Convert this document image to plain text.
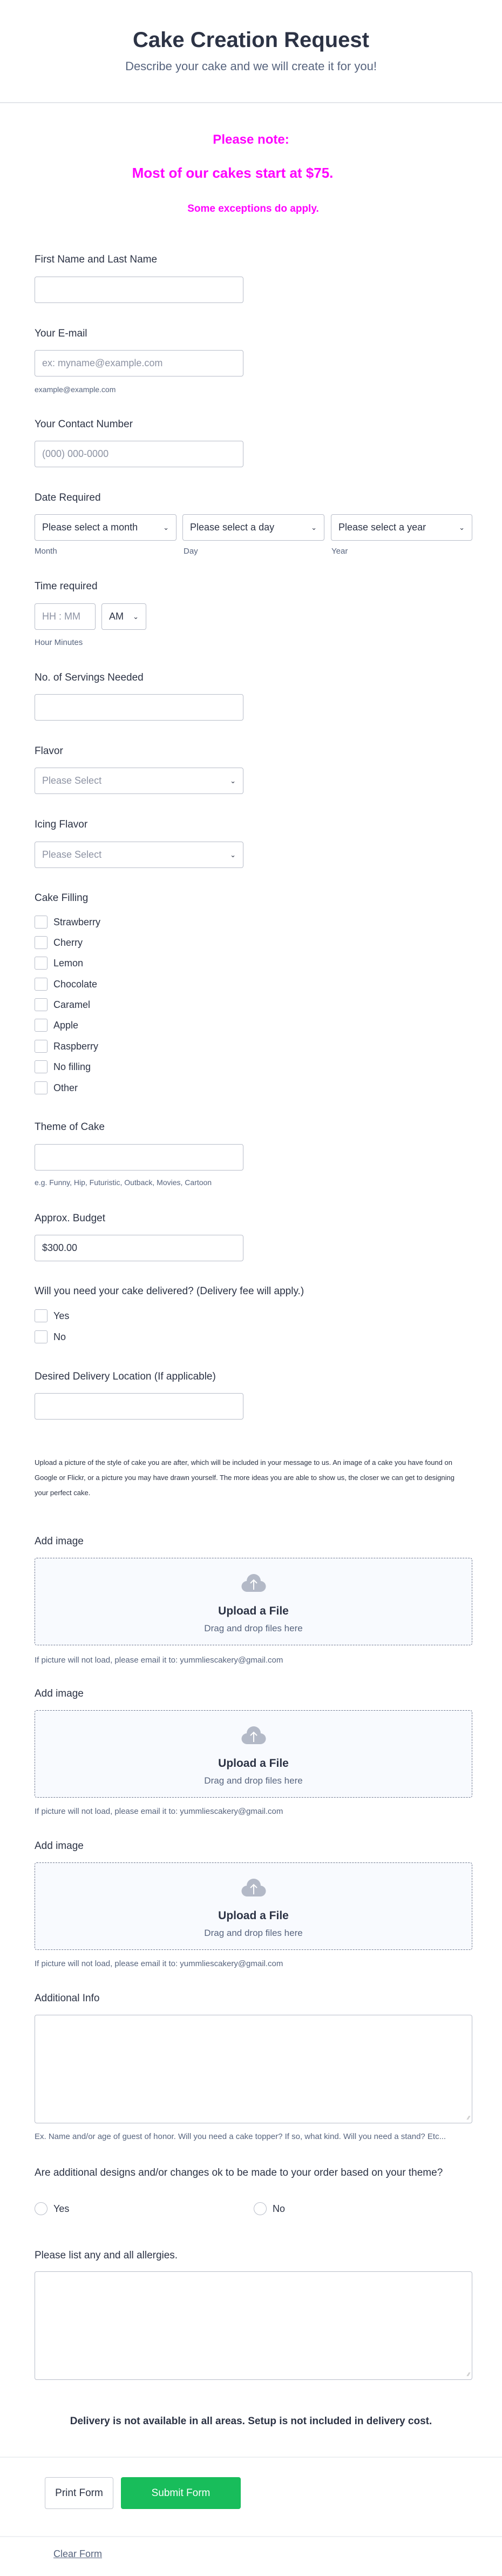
Cake Creation Request
Describe your cake and we will create it for you!
Please note:
Most of our cakes start at $75.
Some exceptions do apply.
First Name and Last Name
Your E-mail
ex: myname@example.com
example@example.com
Your Contact Number
(000) 000-0000
Date Required
Please select a month	⌄ Please select a day	⌄ Please select a year	⌄
Month	Day	Year
Time required
HH : MM	AM ⌄
Hour Minutes
No. of Servings Needed
Flavor
Please Select	⌄
Icing Flavor
Please Select	⌄
Cake Filling
Strawberry
Cherry
Lemon
Chocolate
Caramel
Apple
Raspberry
No filling
Other
Theme of Cake
e.g. Funny, Hip, Futuristic, Outback, Movies, Cartoon
Approx. Budget
$300.00
Will you need your cake delivered? (Delivery fee will apply.)
Yes
No
Desired Delivery Location (If applicable)
Upload a picture of the style of cake you are after, which will be included in your message to us. An image of a cake you have found on Google or Flickr, or a picture you may have drawn yourself. The more ideas you are able to show us, the closer we can get to designing your perfect cake.
Add image
Upload a File
Drag and drop files here
If picture will not load, please email it to: yummliescakery@gmail.com
Add image
Upload a File
Drag and drop files here
If picture will not load, please email it to: yummliescakery@gmail.com
Add image
Upload a File
Drag and drop files here
If picture will not load, please email it to: yummliescakery@gmail.com
Additional Info
∕∕
Ex. Name and/or age of guest of honor. Will you need a cake topper? If so, what kind. Will you need a stand? Etc...
Are additional designs and/or changes ok to be made to your order based on your theme?
Yes	No
Please list any and all allergies.
∕∕
Delivery is not available in all areas. Setup is not included in delivery cost.
Print Form	Submit Form
Clear Form
